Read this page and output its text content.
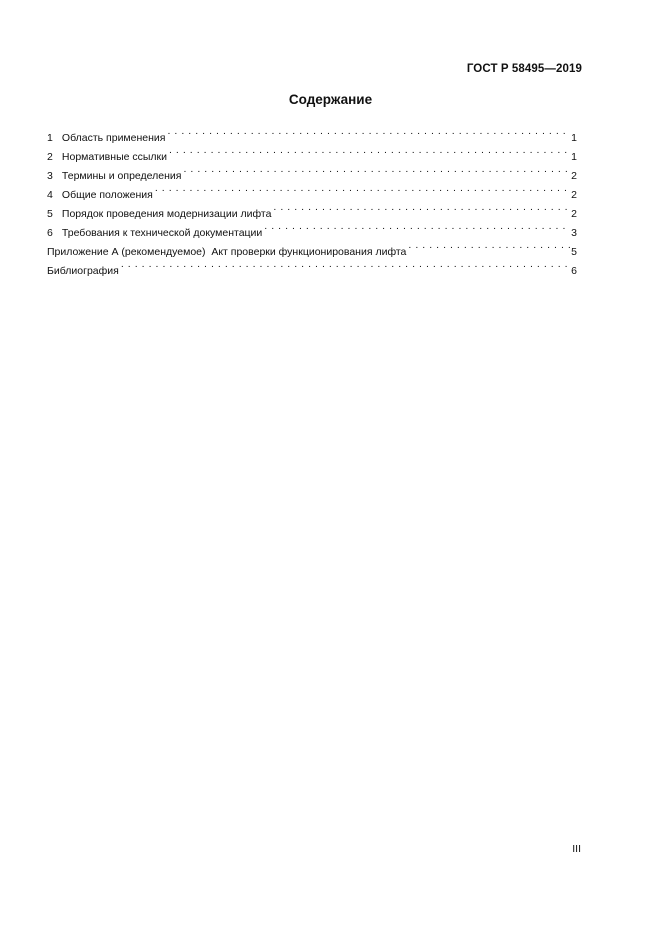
ГОСТ Р 58495—2019
Содержание
1 Область применения . . .	1
2 Нормативные ссылки . . .	1
3 Термины и определения . . .	2
4 Общие положения . . .	2
5 Порядок проведения модернизации лифта . . .	2
6 Требования к технической документации . . .	3
Приложение А (рекомендуемое)  Акт проверки функционирования лифта . . .	5
Библиография . . .	6
III
